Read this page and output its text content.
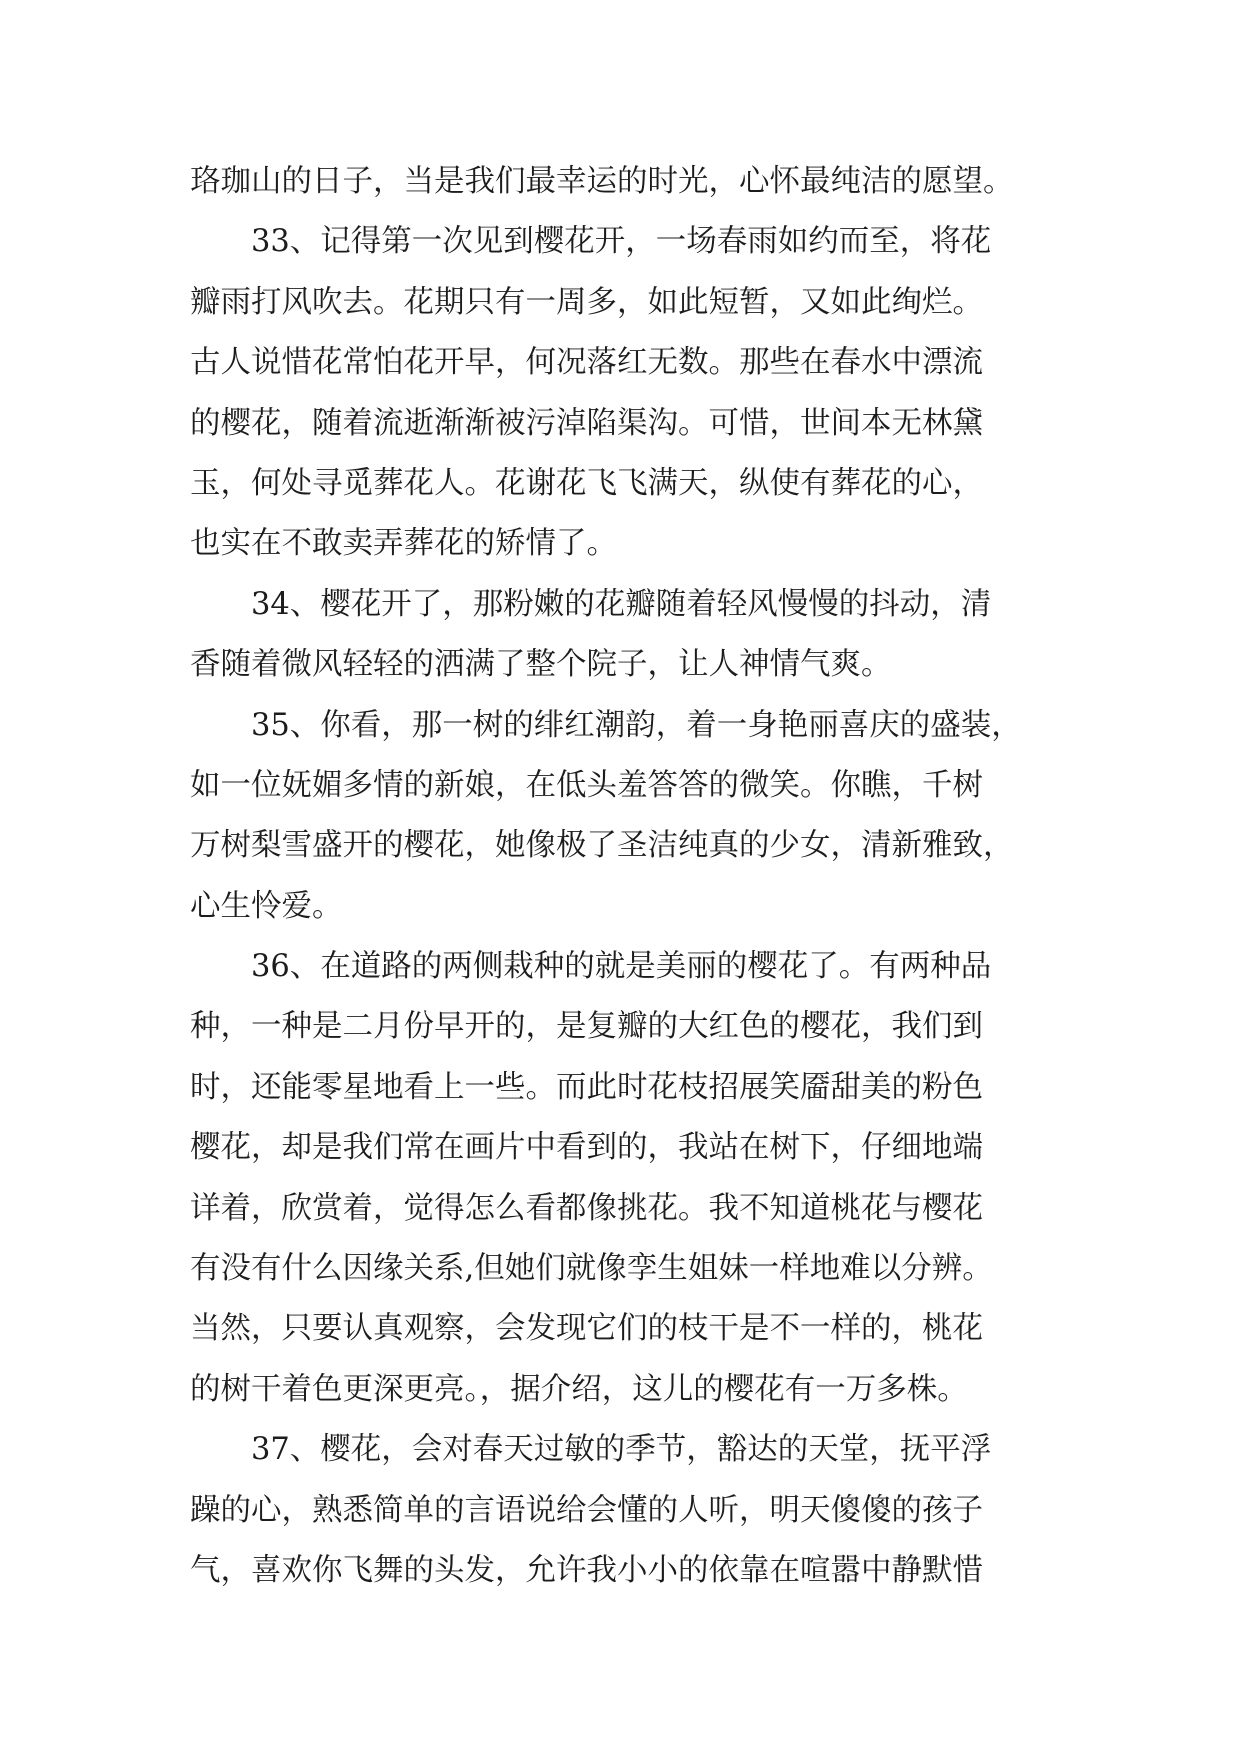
珞珈山的日子，当是我们最幸运的时光，心怀最纯洁的愿望。
33、记得第一次见到樱花开，一场春雨如约而至，将花
瓣雨打风吹去。花期只有一周多，如此短暂，又如此绚烂。
古人说惜花常怕花开早，何况落红无数。那些在春水中漂流
的樱花，随着流逝渐渐被污淖陷渠沟。可惜，世间本无林黛
玉，何处寻觅葬花人。花谢花飞飞满天，纵使有葬花的心，
也实在不敢卖弄葬花的矫情了。
34、樱花开了，那粉嫩的花瓣随着轻风慢慢的抖动，清
香随着微风轻轻的洒满了整个院子，让人神情气爽。
35、你看，那一树的绯红潮韵，着一身艳丽喜庆的盛装，
如一位妩媚多情的新娘，在低头羞答答的微笑。你瞧，千树
万树梨雪盛开的樱花，她像极了圣洁纯真的少女，清新雅致，
心生怜爱。
36、在道路的两侧栽种的就是美丽的樱花了。有两种品
种，一种是二月份早开的，是复瓣的大红色的樱花，我们到
时，还能零星地看上一些。而此时花枝招展笑靥甜美的粉色
樱花，却是我们常在画片中看到的，我站在树下，仔细地端
详着，欣赏着，觉得怎么看都像挑花。我不知道桃花与樱花
有没有什么因缘关系,但她们就像孪生姐妹一样地难以分辨。
当然，只要认真观察，会发现它们的枝干是不一样的，桃花
的树干着色更深更亮。，据介绍，这儿的樱花有一万多株。
37、樱花，会对春天过敏的季节，豁达的天堂，抚平浮
躁的心，熟悉简单的言语说给会懂的人听，明天傻傻的孩子
气，喜欢你飞舞的头发，允许我小小的依靠在喧嚣中静默惜
